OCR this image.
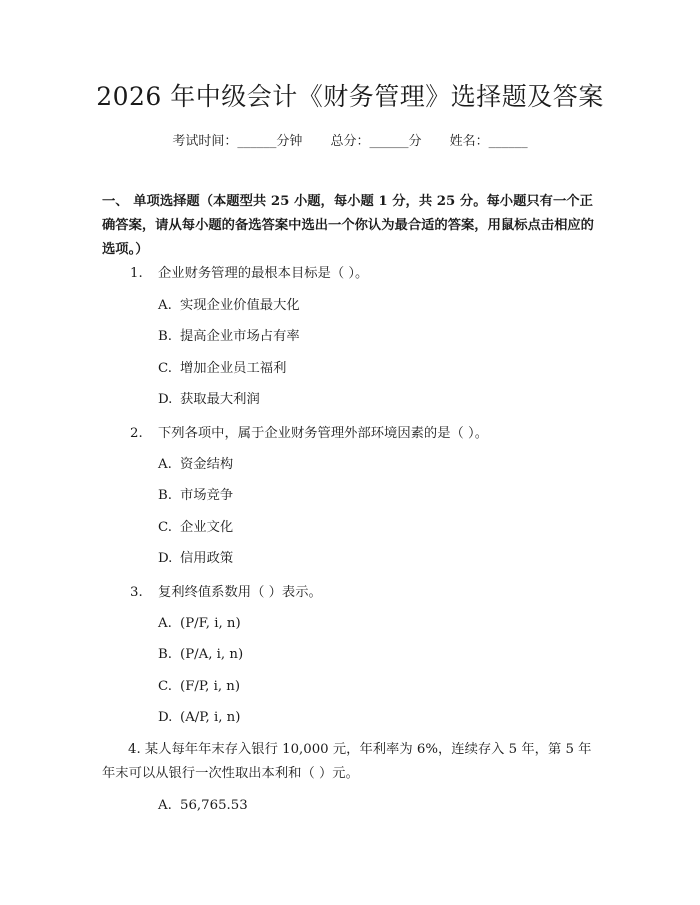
2026 年中级会计《财务管理》选择题及答案
考试时间：______分钟 总分：______分 姓名：______
一、 单项选择题（本题型共 25 小题，每小题 1 分，共 25 分。每小题只有一个正确答案，请从每小题的备选答案中选出一个你认为最合适的答案，用鼠标点击相应的选项。）
1. 企业财务管理的最根本目标是（ ）。
A. 实现企业价值最大化
B. 提高企业市场占有率
C. 增加企业员工福利
D. 获取最大利润
2. 下列各项中，属于企业财务管理外部环境因素的是（ ）。
A. 资金结构
B. 市场竞争
C. 企业文化
D. 信用政策
3. 复利终值系数用（ ）表示。
A. (P/F, i, n)
B. (P/A, i, n)
C. (F/P, i, n)
D. (A/P, i, n)
4. 某人每年年末存入银行 10,000 元，年利率为 6%，连续存入 5 年，第 5 年年末可以从银行一次性取出本利和（ ）元。
A. 56,765.53
